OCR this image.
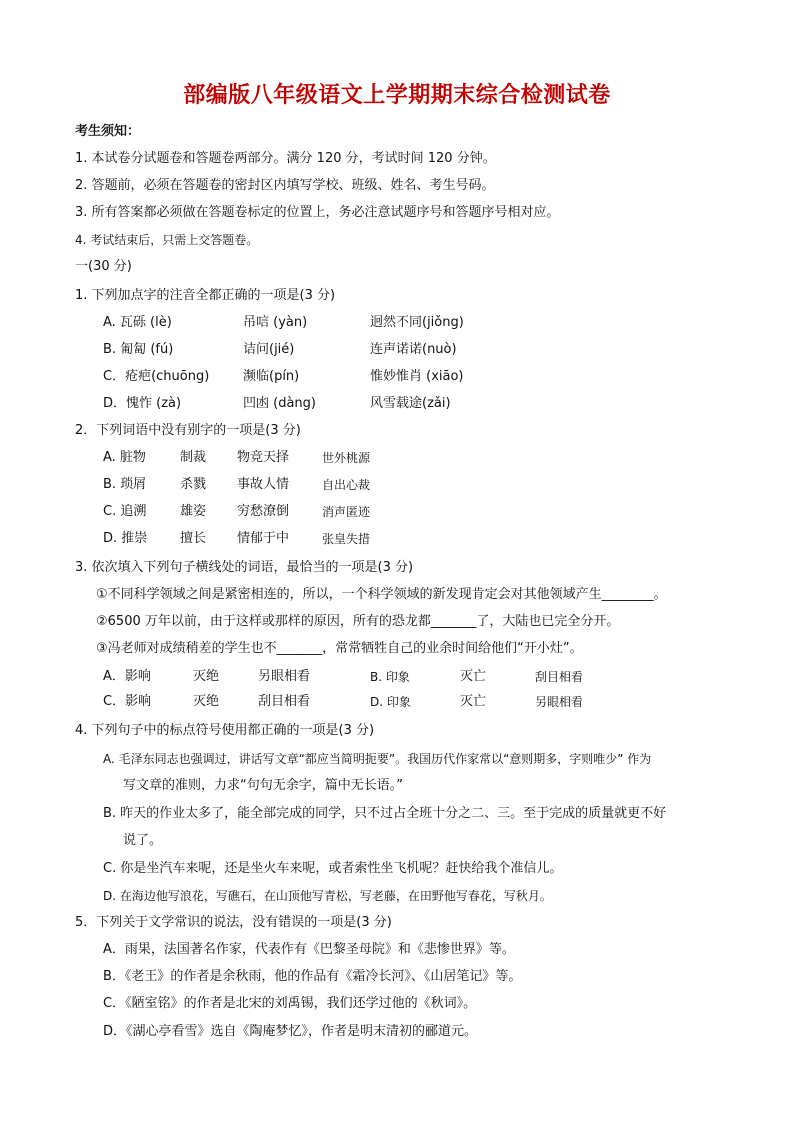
部编版八年级语文上学期期末综合检测试卷
考生须知：
1. 本试卷分试题卷和答题卷两部分。满分 120 分，考试时间 120 分钟。
2. 答题前，必须在答题卷的密封区内填写学校、班级、姓名、考生号码。
3. 所有答案都必须做在答题卷标定的位置上，务必注意试题序号和答题序号相对应。
4. 考试结束后，只需上交答题卷。
一(30 分)
1. 下列加点字的注音全都正确的一项是(3 分)
A. 瓦砾 (lè)	吊唁 (yàn)	迥然不同(jiǒng)
B. 匍匐 (fú)	诘问(jié)	连声诺诺(nuò)
C．疮疤(chuōng)	濒临(pín)	惟妙惟肖 (xiāo)
D．愧怍 (zà)	凹凼 (dàng)	风雪载途(zǎi)
2．下列词语中没有别字的一项是(3 分)
A. 脏物	制裁 物竞天择	世外桃源
B. 琐屑	杀戮 事故人情	自出心裁
C. 追溯	雄姿 穷愁潦倒	消声匿迹
D. 推崇	擅长 情郁于中	张皇失措
3. 依次填入下列句子横线处的词语，最恰当的一项是(3 分)
①不同科学领域之间是紧密相连的，所以，一个科学领域的新发现肯定会对其他领域产生________。
②6500 万年以前，由于这样或那样的原因，所有的恐龙都_______了，大陆也已完全分开。
③冯老师对成绩稍差的学生也不_______，常常牺牲自己的业余时间给他们“开小灶”。
A．影响	灭绝	另眼相看	B. 印象	灭亡	刮目相看
C．影响	灭绝	刮目相看	D. 印象	灭亡	另眼相看
4. 下列句子中的标点符号使用都正确的一项是(3 分)
A. 毛泽东同志也强调过，讲话写文章“都应当简明扼要”。我国历代作家常以“意则期多，字则唯少” 作为
写文章的准则，力求“句句无余字，篇中无长语。”
B. 昨天的作业太多了，能全部完成的同学，只不过占全班十分之二、三。至于完成的质量就更不好
说了。
C. 你是坐汽车来呢，还是坐火车来呢，或者索性坐飞机呢？赶快给我个准信儿。
D. 在海边他写浪花，写礁石，在山顶他写青松，写老藤，在田野他写春花，写秋月。
5．下列关于文学常识的说法，没有错误的一项是(3 分)
A．雨果，法国著名作家，代表作有《巴黎圣母院》和《悲惨世界》等。
B．《老王》的作者是余秋雨，他的作品有《霜冷长河》、《山居笔记》等。
C．《陋室铭》的作者是北宋的刘禹锡，我们还学过他的《秋词》。
D．《湖心亭看雪》选自《陶庵梦忆》，作者是明末清初的郦道元。
